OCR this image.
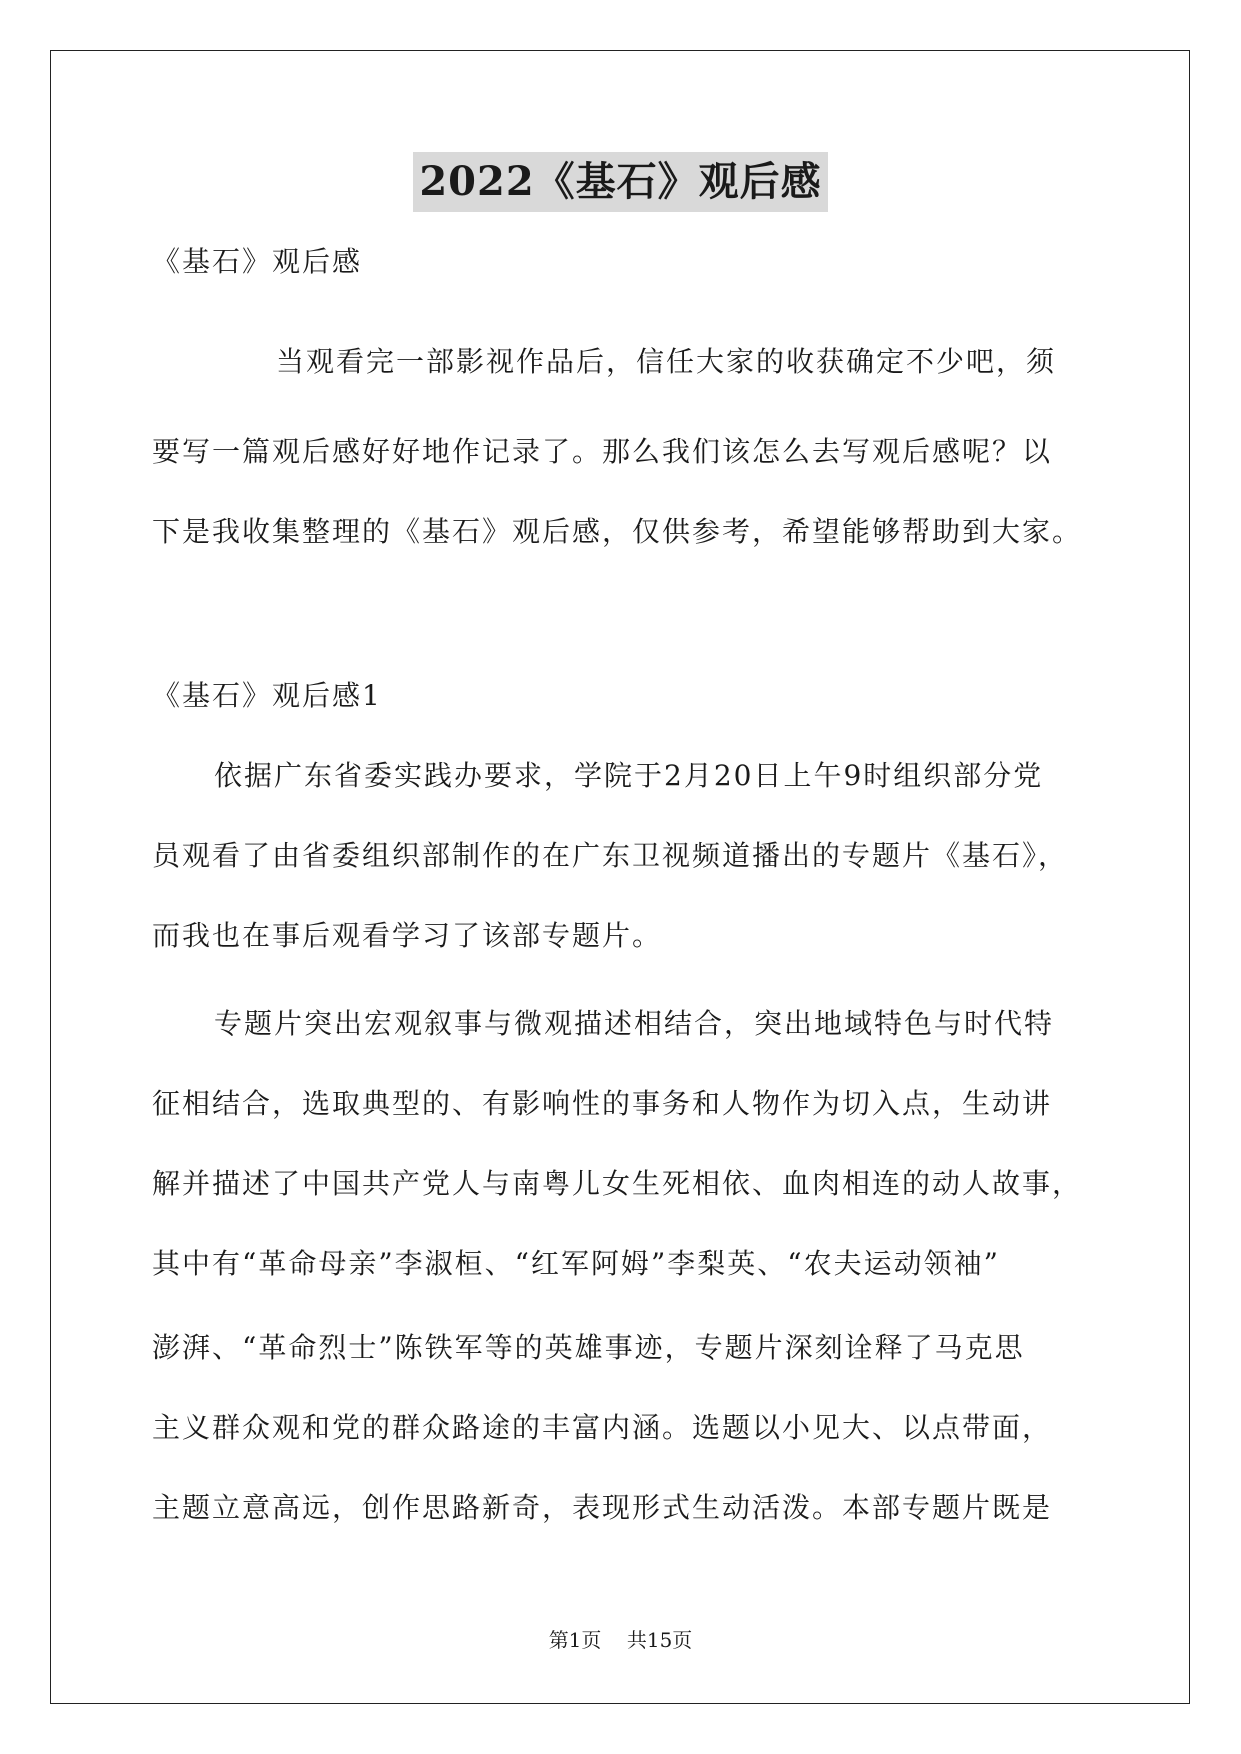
2022《基石》观后感
《基石》观后感
当观看完一部影视作品后，信任大家的收获确定不少吧，须
要写一篇观后感好好地作记录了。那么我们该怎么去写观后感呢？以
下是我收集整理的《基石》观后感，仅供参考，希望能够帮助到大家。
《基石》观后感1
依据广东省委实践办要求，学院于2月20日上午9时组织部分党
员观看了由省委组织部制作的在广东卫视频道播出的专题片《基石》，
而我也在事后观看学习了该部专题片。
专题片突出宏观叙事与微观描述相结合，突出地域特色与时代特
征相结合，选取典型的、有影响性的事务和人物作为切入点，生动讲
解并描述了中国共产党人与南粤儿女生死相依、血肉相连的动人故事，
其中有“革命母亲”李淑桓、“红军阿姆”李梨英、“农夫运动领袖”
澎湃、“革命烈士”陈铁军等的英雄事迹，专题片深刻诠释了马克思
主义群众观和党的群众路途的丰富内涵。选题以小见大、以点带面，
主题立意高远，创作思路新奇，表现形式生动活泼。本部专题片既是
第1页 共15页
